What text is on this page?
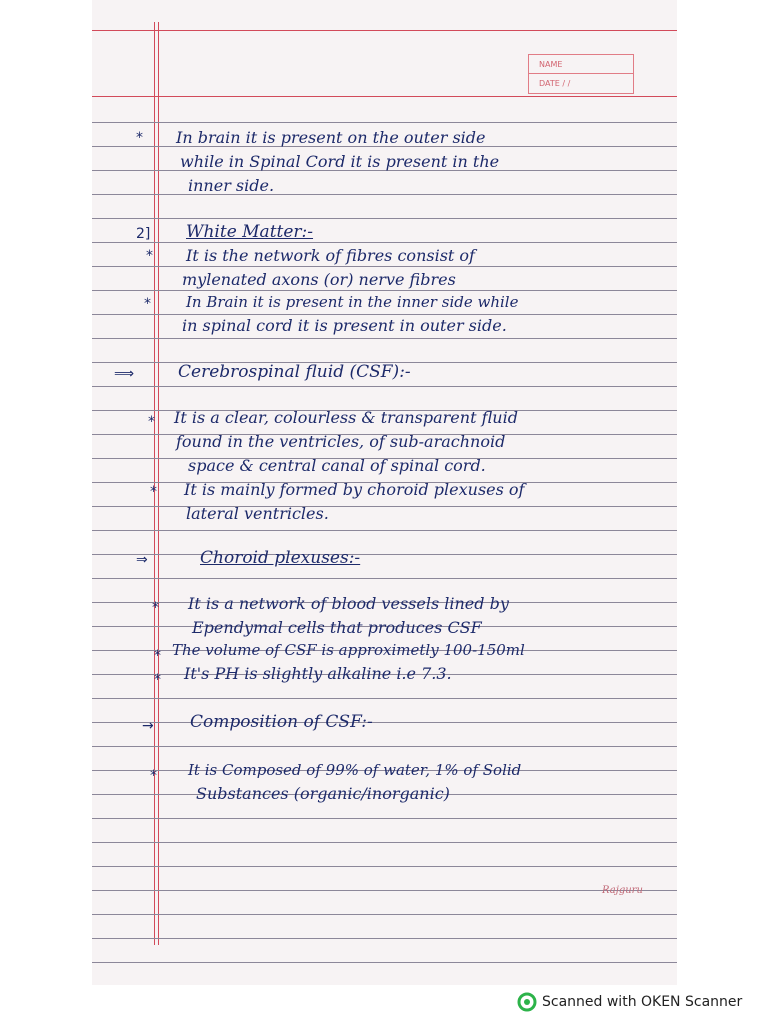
NAME
DATE / /
* In brain it is present on the outer side
while in Spinal Cord it is present in the
inner side.
2] White Matter:-
* It is the network of fibres consist of
mylenated axons (or) nerve fibres
* In Brain it is present in the inner side while
in spinal cord it is present in outer side.
⟹	Cerebrospinal fluid (CSF):-
* It is a clear, colourless & transparent fluid
found in the ventricles, of sub-arachnoid
space & central canal of spinal cord.
* It is mainly formed by choroid plexuses of
lateral ventricles.
⇒	Choroid plexuses:-
* It is a network of blood vessels lined by
Ependymal cells that produces CSF
* The volume of CSF is approximetly 100-150ml
* It's PH is slightly alkaline i.e 7.3.
→ Composition of CSF:-
* It is Composed of 99% of water, 1% of Solid
Substances (organic/inorganic)
Rajguru
Scanned with OKEN Scanner
